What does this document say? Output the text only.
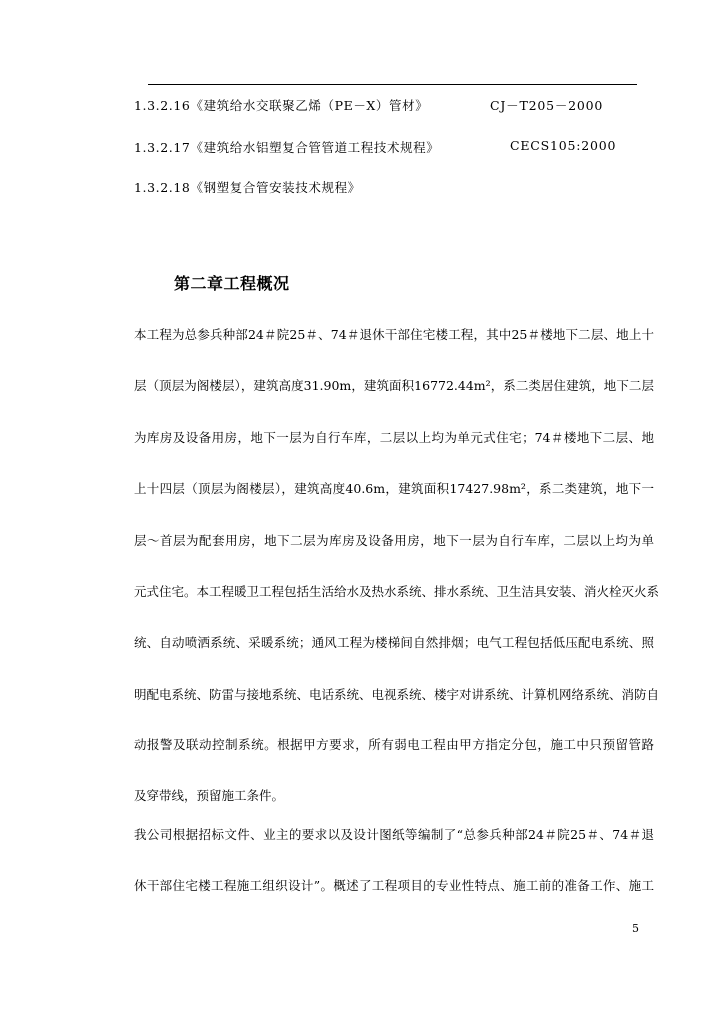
1.3.2.16《建筑给水交联聚乙烯（PE－X）管材》	CJ－T205－2000
1.3.2.17《建筑给水铝塑复合管管道工程技术规程》	CECS105:2000
1.3.2.18《钢塑复合管安装技术规程》
第二章工程概况
本工程为总参兵种部24＃院25＃、74＃退休干部住宅楼工程，其中25＃楼地下二层、地上十
层（顶层为阁楼层），建筑高度31.90m，建筑面积16772.44m²，系二类居住建筑，地下二层
为库房及设备用房，地下一层为自行车库，二层以上均为单元式住宅；74＃楼地下二层、地
上十四层（顶层为阁楼层），建筑高度40.6m，建筑面积17427.98m²，系二类建筑，地下一
层～首层为配套用房，地下二层为库房及设备用房，地下一层为自行车库，二层以上均为单
元式住宅。本工程暖卫工程包括生活给水及热水系统、排水系统、卫生洁具安装、消火栓灭火系
统、自动喷洒系统、采暖系统；通风工程为楼梯间自然排烟；电气工程包括低压配电系统、照
明配电系统、防雷与接地系统、电话系统、电视系统、楼宇对讲系统、计算机网络系统、消防自
动报警及联动控制系统。根据甲方要求，所有弱电工程由甲方指定分包，施工中只预留管路
及穿带线，预留施工条件。
我公司根据招标文件、业主的要求以及设计图纸等编制了“总参兵种部24＃院25＃、74＃退
休干部住宅楼工程施工组织设计”。概述了工程项目的专业性特点、施工前的准备工作、施工
5
